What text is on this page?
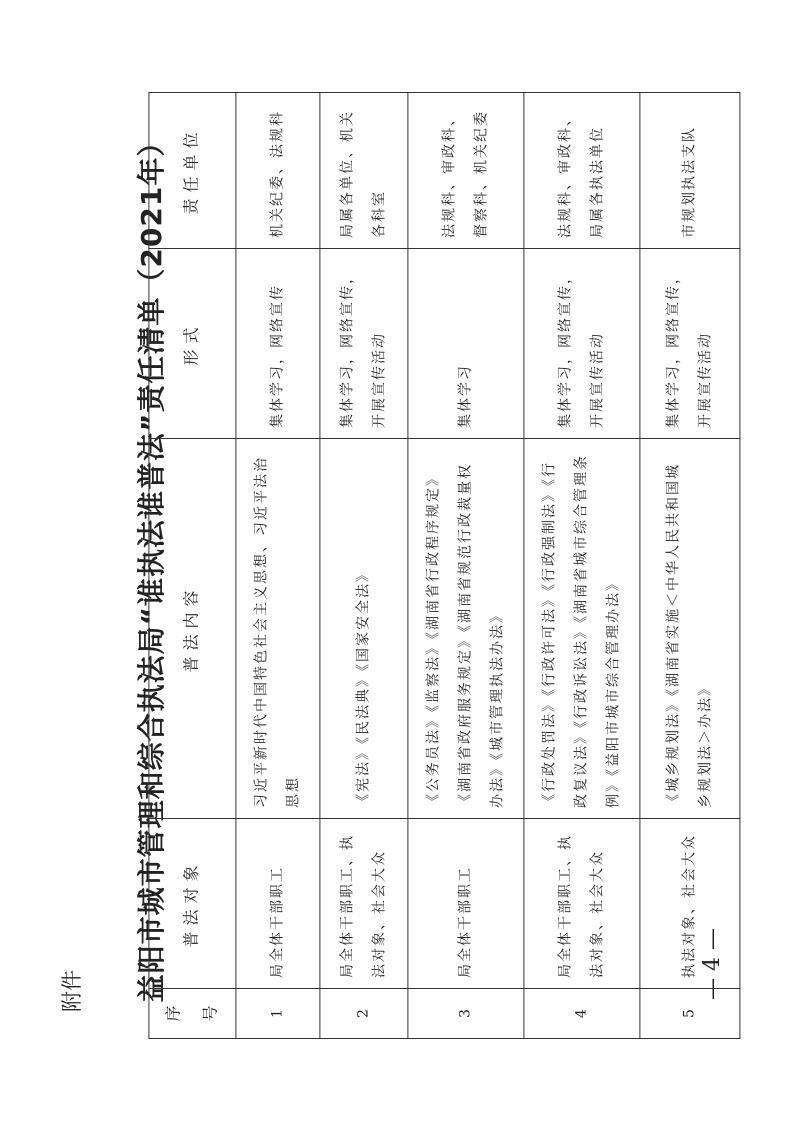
附件	— 4 —
益阳市城市管理和综合执法局“谁执法谁普法”责任清单（2021年）
序号	普法对象	普法内容	形式	责任单位
1	局全体干部职工	习近平新时代中国特色社会主义思想、习近平法治思想	集体学习，网络宣传	机关纪委、法规科
2	局全体干部职工、执法对象、社会大众	《宪法》《民法典》《国家安全法》	集体学习，网络宣传，开展宣传活动	局属各单位、机关各科室
3	局全体干部职工	《公务员法》《监察法》《湖南省行政程序规定》《湖南省政府服务规定》《湖南省规范行政裁量权办法》《城市管理执法办法》	集体学习	法规科、审政科、督察科、机关纪委
4	局全体干部职工、执法对象、社会大众	《行政处罚法》《行政许可法》《行政强制法》《行政复议法》《行政诉讼法》《湖南省城市综合管理条例》《益阳市城市综合管理办法》	集体学习，网络宣传，开展宣传活动	法规科、审政科、局属各执法单位
5	执法对象、社会大众	《城乡规划法》《湖南省实施＜中华人民共和国城乡规划法＞办法》	集体学习，网络宣传，开展宣传活动	市规划执法支队
